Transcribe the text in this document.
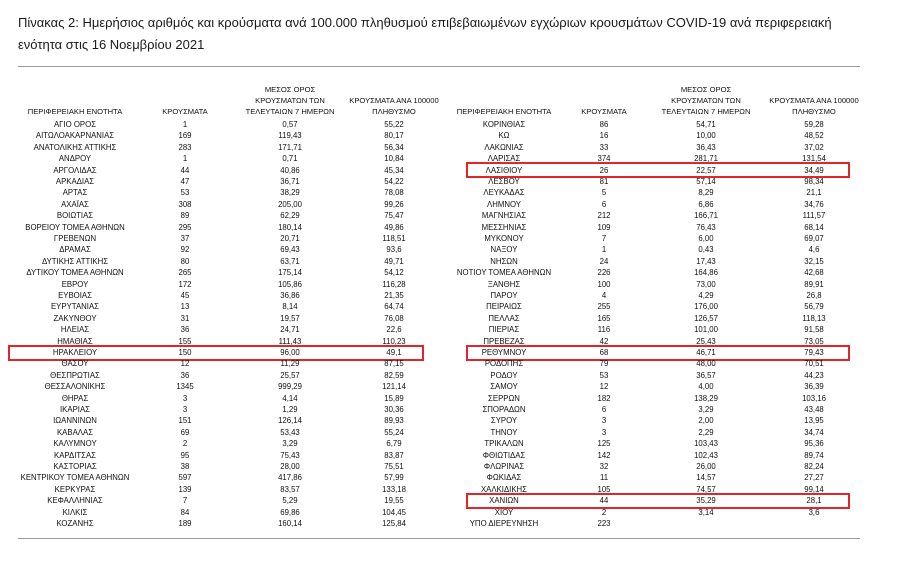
Πίνακας 2: Ημερήσιος αριθμός και κρούσματα ανά 100.000 πληθυσμού επιβεβαιωμένων εγχώριων κρουσμάτων COVID-19 ανά περιφερειακή
ενότητα στις 16 Νοεμβρίου 2021
ΠΕΡΙΦΕΡΕΙΑΚΗ ΕΝΟΤΗΤΑ	ΚΡΟΥΣΜΑΤΑ
ΜΕΣΟΣ ΟΡΟΣ
ΚΡΟΥΣΜΑΤΩΝ ΤΩΝ
ΤΕΛΕΥΤΑΙΩΝ 7 ΗΜΕΡΩΝ
ΚΡΟΥΣΜΑΤΑ ΑΝΑ 100000
ΠΛΗΘΥΣΜΟ
ΑΓΙΟ ΟΡΟΣ	1	0,57	55,22
ΑΙΤΩΛΟΑΚΑΡΝΑΝΙΑΣ	169	119,43	80,17
ΑΝΑΤΟΛΙΚΗΣ ΑΤΤΙΚΗΣ	283	171,71	56,34
ΑΝΔΡΟΥ	1	0,71	10,84
ΑΡΓΟΛΙΔΑΣ	44	40,86	45,34
ΑΡΚΑΔΙΑΣ	47	36,71	54,22
ΑΡΤΑΣ	53	38,29	78,08
ΑΧΑΪΑΣ	308	205,00	99,26
ΒΟΙΩΤΙΑΣ	89	62,29	75,47
ΒΟΡΕΙΟΥ ΤΟΜΕΑ ΑΘΗΝΩΝ	295	180,14	49,86
ΓΡΕΒΕΝΩΝ	37	20,71	118,51
ΔΡΑΜΑΣ	92	69,43	93,6
ΔΥΤΙΚΗΣ ΑΤΤΙΚΗΣ	80	63,71	49,71
ΔΥΤΙΚΟΥ ΤΟΜΕΑ ΑΘΗΝΩΝ	265	175,14	54,12
ΕΒΡΟΥ	172	105,86	116,28
ΕΥΒΟΙΑΣ	45	36,86	21,35
ΕΥΡΥΤΑΝΙΑΣ	13	8,14	64,74
ΖΑΚΥΝΘΟΥ	31	19,57	76,08
ΗΛΕΙΑΣ	36	24,71	22,6
ΗΜΑΘΙΑΣ	155	111,43	110,23
ΗΡΑΚΛΕΙΟΥ	150	96,00	49,1
ΘΑΣΟΥ	12	11,29	87,15
ΘΕΣΠΡΩΤΙΑΣ	36	25,57	82,59
ΘΕΣΣΑΛΟΝΙΚΗΣ	1345	999,29	121,14
ΘΗΡΑΣ	3	4,14	15,89
ΙΚΑΡΙΑΣ	3	1,29	30,36
ΙΩΑΝΝΙΝΩΝ	151	126,14	89,93
ΚΑΒΑΛΑΣ	69	53,43	55,24
ΚΑΛΥΜΝΟΥ	2	3,29	6,79
ΚΑΡΔΙΤΣΑΣ	95	75,43	83,87
ΚΑΣΤΟΡΙΑΣ	38	28,00	75,51
ΚΕΝΤΡΙΚΟΥ ΤΟΜΕΑ ΑΘΗΝΩΝ	597	417,86	57,99
ΚΕΡΚΥΡΑΣ	139	83,57	133,18
ΚΕΦΑΛΛΗΝΙΑΣ	7	5,29	19,55
ΚΙΛΚΙΣ	84	69,86	104,45
ΚΟΖΑΝΗΣ	189	160,14	125,84
ΠΕΡΙΦΕΡΕΙΑΚΗ ΕΝΟΤΗΤΑ	ΚΡΟΥΣΜΑΤΑ
ΜΕΣΟΣ ΟΡΟΣ
ΚΡΟΥΣΜΑΤΩΝ ΤΩΝ
ΤΕΛΕΥΤΑΙΩΝ 7 ΗΜΕΡΩΝ
ΚΡΟΥΣΜΑΤΑ ΑΝΑ 100000
ΠΛΗΘΥΣΜΟ
ΚΟΡΙΝΘΙΑΣ	86	54,71	59,28
ΚΩ	16	10,00	48,52
ΛΑΚΩΝΙΑΣ	33	36,43	37,02
ΛΑΡΙΣΑΣ	374	281,71	131,54
ΛΑΣΙΘΙΟΥ	26	22,57	34,49
ΛΕΣΒΟΥ	81	57,14	98,34
ΛΕΥΚΑΔΑΣ	5	8,29	21,1
ΛΗΜΝΟΥ	6	6,86	34,76
ΜΑΓΝΗΣΙΑΣ	212	166,71	111,57
ΜΕΣΣΗΝΙΑΣ	109	76,43	68,14
ΜΥΚΟΝΟΥ	7	6,00	69,07
ΝΑΞΟΥ	1	0,43	4,6
ΝΗΣΩΝ	24	17,43	32,15
ΝΟΤΙΟΥ ΤΟΜΕΑ ΑΘΗΝΩΝ	226	164,86	42,68
ΞΑΝΘΗΣ	100	73,00	89,91
ΠΑΡΟΥ	4	4,29	26,8
ΠΕΙΡΑΙΩΣ	255	176,00	56,79
ΠΕΛΛΑΣ	165	126,57	118,13
ΠΙΕΡΙΑΣ	116	101,00	91,58
ΠΡΕΒΕΖΑΣ	42	25,43	73,05
ΡΕΘΥΜΝΟΥ	68	46,71	79,43
ΡΟΔΟΠΗΣ	79	48,00	70,51
ΡΟΔΟΥ	53	36,57	44,23
ΣΑΜΟΥ	12	4,00	36,39
ΣΕΡΡΩΝ	182	138,29	103,16
ΣΠΟΡΑΔΩΝ	6	3,29	43,48
ΣΥΡΟΥ	3	2,00	13,95
ΤΗΝΟΥ	3	2,29	34,74
ΤΡΙΚΑΛΩΝ	125	103,43	95,36
ΦΘΙΩΤΙΔΑΣ	142	102,43	89,74
ΦΛΩΡΙΝΑΣ	32	26,00	82,24
ΦΩΚΙΔΑΣ	11	14,57	27,27
ΧΑΛΚΙΔΙΚΗΣ	105	74,57	99,14
ΧΑΝΙΩΝ	44	35,29	28,1
ΧΙΟΥ	2	3,14	3,6
ΥΠΟ ΔΙΕΡΕΥΝΗΣΗ	223
